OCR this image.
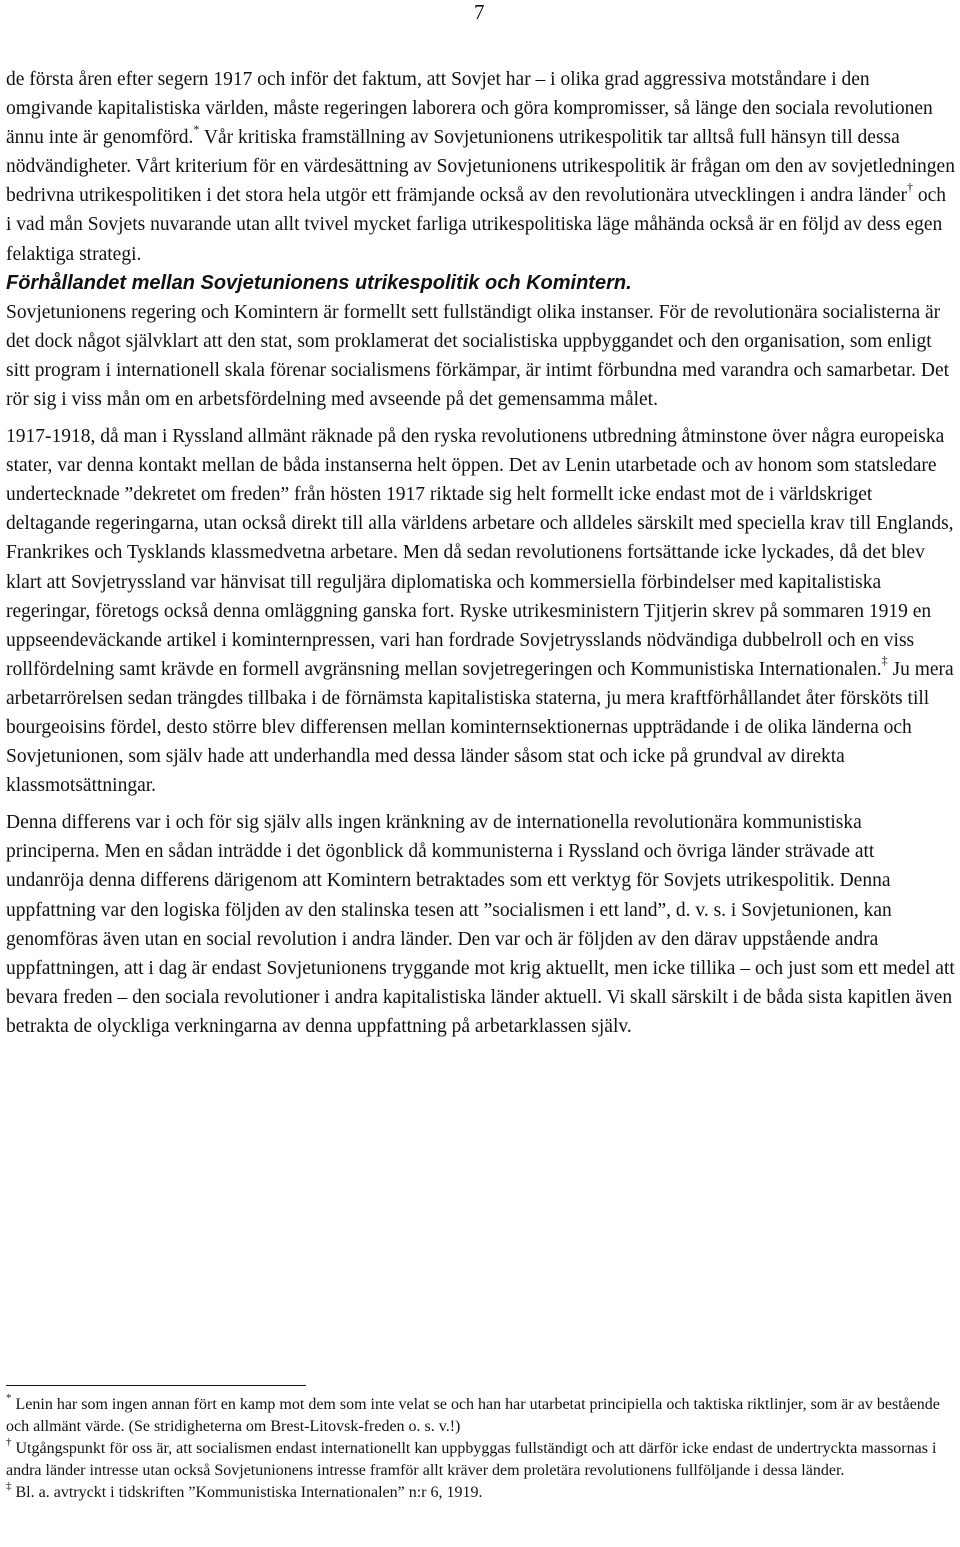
7

de första åren efter segern 1917 och inför det faktum, att Sovjet har – i olika grad aggressiva motståndare i den omgivande kapitalistiska världen, måste regeringen laborera och göra kompromisser, så länge den sociala revolutionen ännu inte är genomförd.* Vår kritiska framställning av Sovjetunionens utrikespolitik tar alltså full hänsyn till dessa nödvändigheter. Vårt kriterium för en värdesättning av Sovjetunionens utrikespolitik är frågan om den av sovjetledningen bedrivna utrikespolitiken i det stora hela utgör ett främjande också av den revolutionära utvecklingen i andra länder† och i vad mån Sovjets nuvarande utan allt tvivel mycket farliga utrikespolitiska läge måhända också är en följd av dess egen felaktiga strategi.

Förhållandet mellan Sovjetunionens utrikespolitik och Komintern.

Sovjetunionens regering och Komintern är formellt sett fullständigt olika instanser. För de revolutionära socialisterna är det dock något självklart att den stat, som proklamerat det socialistiska uppbyggandet och den organisation, som enligt sitt program i internationell skala förenar socialismens förkämpar, är intimt förbundna med varandra och samarbetar. Det rör sig i viss mån om en arbetsfördelning med avseende på det gemensamma målet.

1917-1918, då man i Ryssland allmänt räknade på den ryska revolutionens utbredning åtminstone över några europeiska stater, var denna kontakt mellan de båda instanserna helt öppen. Det av Lenin utarbetade och av honom som statsledare undertecknade ”dekretet om freden” från hösten 1917 riktade sig helt formellt icke endast mot de i världskriget deltagande regeringarna, utan också direkt till alla världens arbetare och alldeles särskilt med speciella krav till Englands, Frankrikes och Tysklands klassmedvetna arbetare. Men då sedan revolutionens fortsättande icke lyckades, då det blev klart att Sovjetryssland var hänvisat till reguljära diplomatiska och kommersiella förbindelser med kapitalistiska regeringar, företogs också denna omläggning ganska fort. Ryske utrikesministern Tjitjerin skrev på sommaren 1919 en uppseendeväckande artikel i kominternpressen, vari han fordrade Sovjetrysslands nödvändiga dubbelroll och en viss rollfördelning samt krävde en formell avgränsning mellan sovjetregeringen och Kommunistiska Internationalen.‡ Ju mera arbetarrörelsen sedan trängdes tillbaka i de förnämsta kapitalistiska staterna, ju mera kraftförhållandet åter försköts till bourgeoisins fördel, desto större blev differensen mellan kominternsektionernas uppträdande i de olika länderna och Sovjetunionen, som själv hade att underhandla med dessa länder såsom stat och icke på grundval av direkta klassmotsättningar.

Denna differens var i och för sig själv alls ingen kränkning av de internationella revolutionära kommunistiska principerna. Men en sådan inträdde i det ögonblick då kommunisterna i Ryssland och övriga länder strävade att undanröja denna differens därigenom att Komintern betraktades som ett verktyg för Sovjets utrikespolitik. Denna uppfattning var den logiska följden av den stalinska tesen att ”socialismen i ett land”, d. v. s. i Sovjetunionen, kan genomföras även utan en social revolution i andra länder. Den var och är följden av den därav uppstående andra uppfattningen, att i dag är endast Sovjetunionens tryggande mot krig aktuellt, men icke tillika – och just som ett medel att bevara freden – den sociala revolutioner i andra kapitalistiska länder aktuell. Vi skall särskilt i de båda sista kapitlen även betrakta de olyckliga verkningarna av denna uppfattning på arbetarklassen själv.

* Lenin har som ingen annan fört en kamp mot dem som inte velat se och han har utarbetat principiella och taktiska riktlinjer, som är av bestående och allmänt värde. (Se stridigheterna om Brest-Litovsk-freden o. s. v.!)

† Utgångspunkt för oss är, att socialismen endast internationellt kan uppbyggas fullständigt och att därför icke endast de undertryckta massornas i andra länder intresse utan också Sovjetunionens intresse framför allt kräver dem proletära revolutionens fullföljande i dessa länder.

‡ Bl. a. avtryckt i tidskriften ”Kommunistiska Internationalen” n:r 6, 1919.
